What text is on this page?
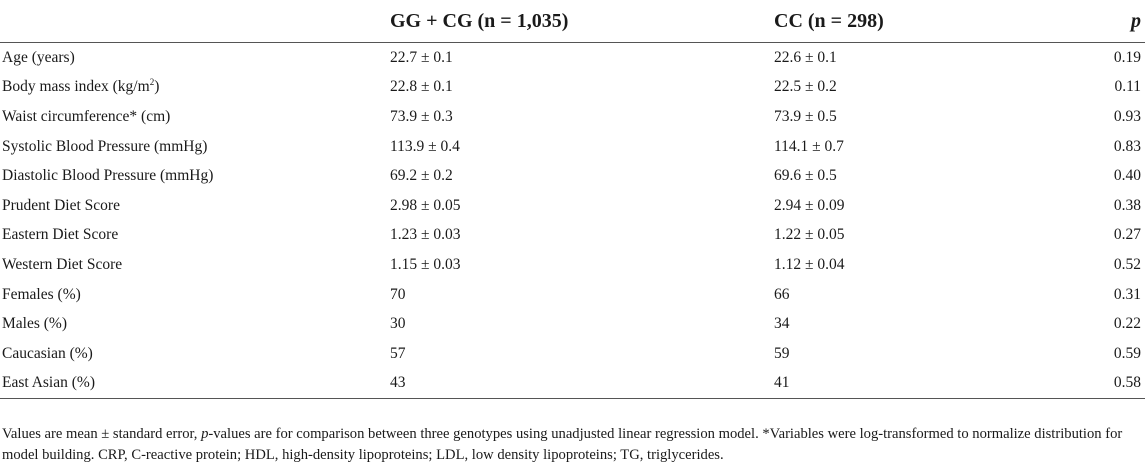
	GG + CG (n = 1,035)	CC (n = 298)	p
Age (years)	22.7 ± 0.1	22.6 ± 0.1	0.19
Body mass index $(kg/m^2)$	22.8 ± 0.1	22.5 ± 0.2	0.11
Waist circumference* (cm)	73.9 ± 0.3	73.9 ± 0.5	0.93
Systolic Blood Pressure (mmHg)	113.9 ± 0.4	114.1 ± 0.7	0.83
Diastolic Blood Pressure (mmHg)	69.2 ± 0.2	69.6 ± 0.5	0.40
Prudent Diet Score	2.98 ± 0.05	2.94 ± 0.09	0.38
Eastern Diet Score	1.23 ± 0.03	1.22 ± 0.05	0.27
Western Diet Score	1.15 ± 0.03	1.12 ± 0.04	0.52
Females (%)	70	66	0.31
Males (%)	30	34	0.22
Caucasian (%)	57	59	0.59
East Asian (%)	43	41	0.58
Values are mean ± standard error, p-values are for comparison between three genotypes using unadjusted linear regression model. *Variables were log-transformed to normalize distribution for model building. CRP, C-reactive protein; HDL, high-density lipoproteins; LDL, low density lipoproteins; TG, triglycerides.
